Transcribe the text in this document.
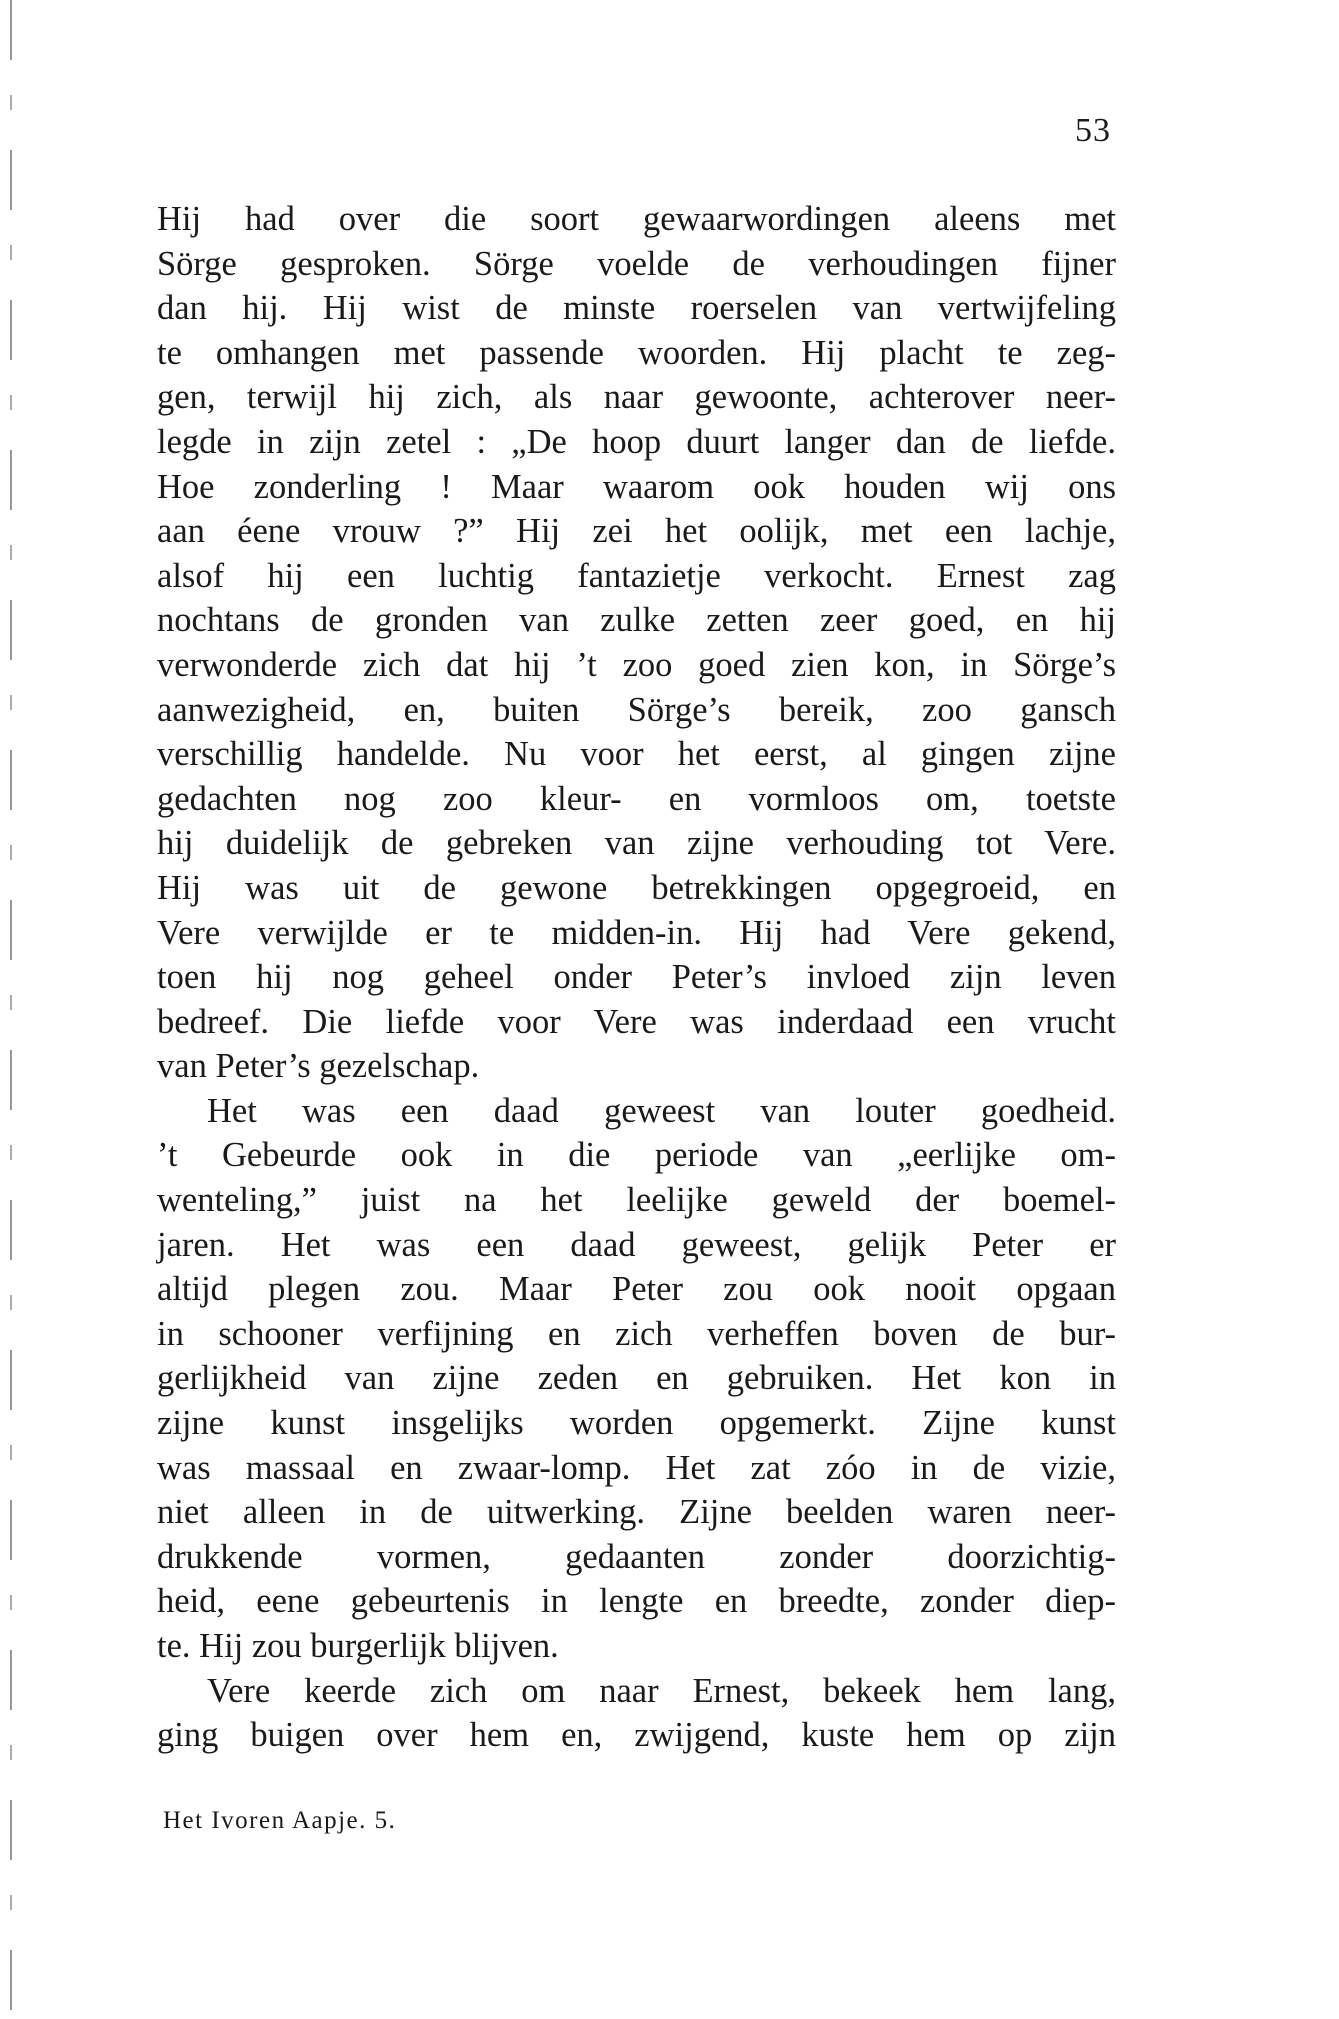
53
Hij had over die soort gewaarwordingen aleens met
Sörge gesproken. Sörge voelde de verhoudingen fijner
dan hij. Hij wist de minste roerselen van vertwijfeling
te omhangen met passende woorden. Hij placht te zeg-
gen, terwijl hij zich, als naar gewoonte, achterover neer-
legde in zijn zetel : „De hoop duurt langer dan de liefde.
Hoe zonderling ! Maar waarom ook houden wij ons
aan éene vrouw ?” Hij zei het oolijk, met een lachje,
alsof hij een luchtig fantazietje verkocht. Ernest zag
nochtans de gronden van zulke zetten zeer goed, en hij
verwonderde zich dat hij ’t zoo goed zien kon, in Sörge’s
aanwezigheid, en, buiten Sörge’s bereik, zoo gansch
verschillig handelde. Nu voor het eerst, al gingen zijne
gedachten nog zoo kleur- en vormloos om, toetste
hij duidelijk de gebreken van zijne verhouding tot Vere.
Hij was uit de gewone betrekkingen opgegroeid, en
Vere verwijlde er te midden-in. Hij had Vere gekend,
toen hij nog geheel onder Peter’s invloed zijn leven
bedreef. Die liefde voor Vere was inderdaad een vrucht
van Peter’s gezelschap.
Het was een daad geweest van louter goedheid.
’t Gebeurde ook in die periode van „eerlijke om-
wenteling,” juist na het leelijke geweld der boemel-
jaren. Het was een daad geweest, gelijk Peter er
altijd plegen zou. Maar Peter zou ook nooit opgaan
in schooner verfijning en zich verheffen boven de bur-
gerlijkheid van zijne zeden en gebruiken. Het kon in
zijne kunst insgelijks worden opgemerkt. Zijne kunst
was massaal en zwaar-lomp. Het zat zóo in de vizie,
niet alleen in de uitwerking. Zijne beelden waren neer-
drukkende vormen, gedaanten zonder doorzichtig-
heid, eene gebeurtenis in lengte en breedte, zonder diep-
te. Hij zou burgerlijk blijven.
Vere keerde zich om naar Ernest, bekeek hem lang,
ging buigen over hem en, zwijgend, kuste hem op zijn
Het Ivoren Aapje. 5.
